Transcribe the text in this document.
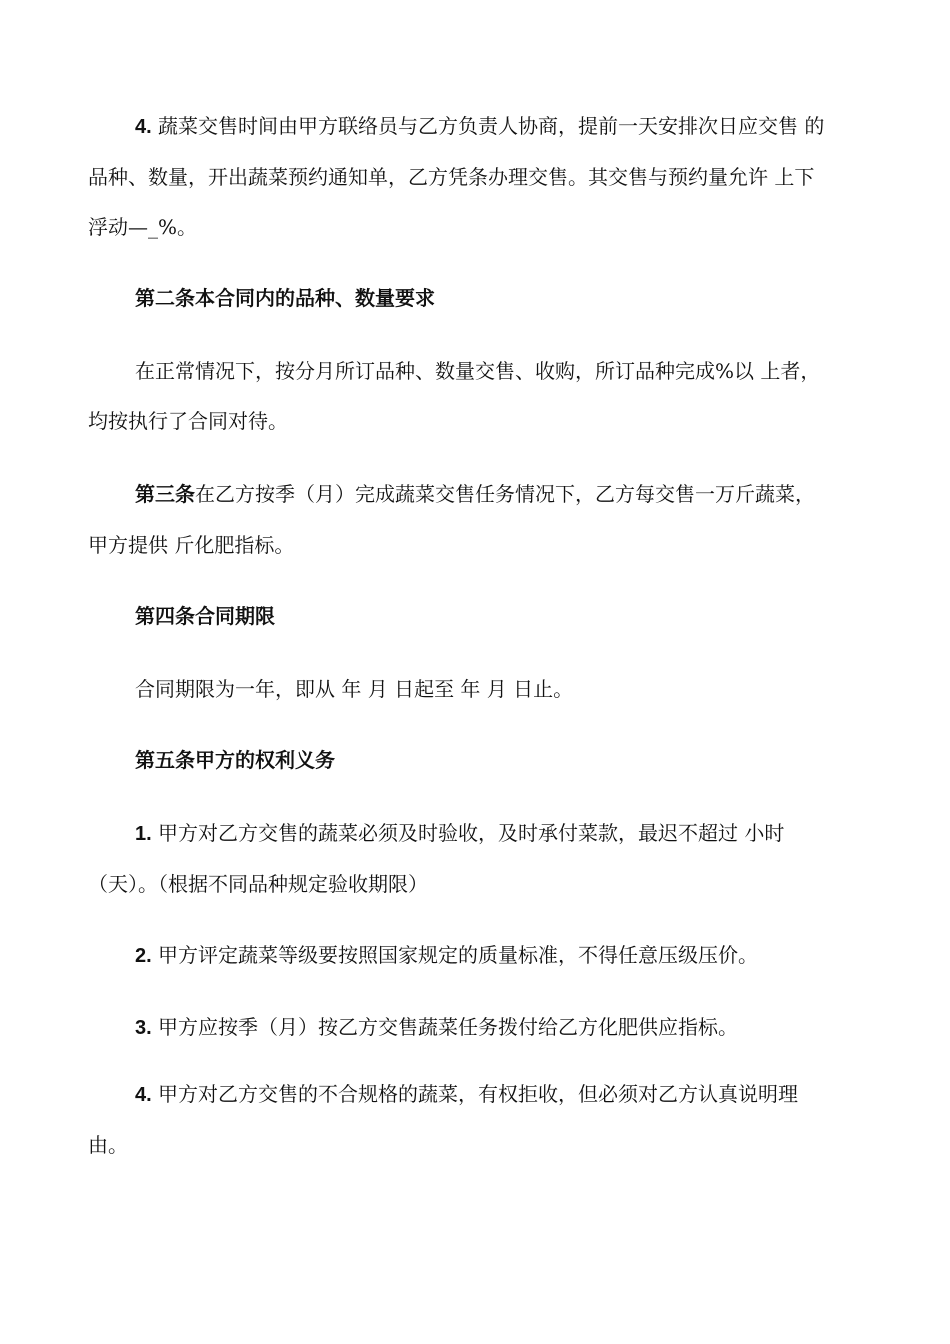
4. 蔬菜交售时间由甲方联络员与乙方负责人协商，提前一天安排次日应交售 的
品种、数量，开出蔬菜预约通知单，乙方凭条办理交售。其交售与预约量允许 上下
浮动—_%。
第二条本合同内的品种、数量要求
在正常情况下，按分月所订品种、数量交售、收购，所订品种完成%以 上者，
均按执行了合同对待。
第三条在乙方按季（月）完成蔬菜交售任务情况下，乙方每交售一万斤蔬菜，
甲方提供 斤化肥指标。
第四条合同期限
合同期限为一年，即从 年 月 日起至 年 月 日止。
第五条甲方的权利义务
1. 甲方对乙方交售的蔬菜必须及时验收，及时承付菜款，最迟不超过 小时
（天）。（根据不同品种规定验收期限）
2. 甲方评定蔬菜等级要按照国家规定的质量标准，不得任意压级压价。
3. 甲方应按季（月）按乙方交售蔬菜任务拨付给乙方化肥供应指标。
4. 甲方对乙方交售的不合规格的蔬菜，有权拒收，但必须对乙方认真说明理
由。
